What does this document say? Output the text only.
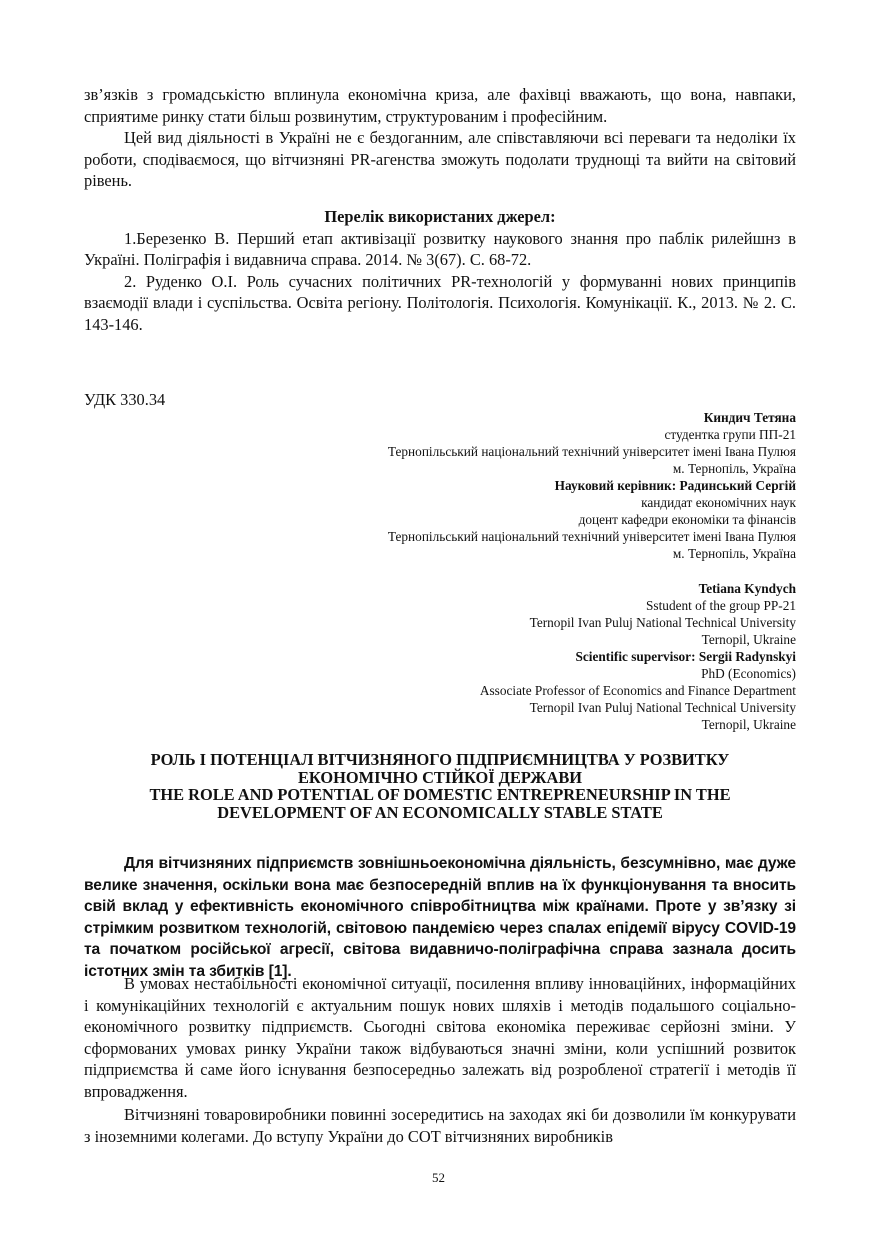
зв’язків з громадськістю вплинула економічна криза, але фахівці вважають, що вона, навпаки, сприятиме ринку стати більш розвинутим, структурованим і професійним.

Цей вид діяльності в Україні не є бездоганним, але співставляючи всі переваги та недоліки їх роботи, сподіваємося, що вітчизняні PR-агенства зможуть подолати труднощі та вийти на світовий рівень.

Перелік використаних джерел:

1.Березенко В. Перший етап активізації розвитку наукового знання про паблік рилейшнз в Україні. Поліграфія і видавнича справа. 2014. № 3(67). С. 68-72.

2. Руденко О.І. Роль сучасних політичних PR-технологій у формуванні нових принципів взаємодії влади і суспільства. Освіта регіону. Політологія. Психологія. Комунікації. К., 2013. № 2. С. 143-146.

УДК 330.34
Киндич Тетяна
студентка групи ПП-21
Тернопільський національний технічний університет імені Івана Пулюя
м. Тернопіль, Україна
Науковий керівник: Радинський Сергій
кандидат економічних наук
доцент кафедри економіки та фінансів
Тернопільський національний технічний університет імені Івана Пулюя
м. Тернопіль, Україна
Tetiana Kyndych
Sstudent of the group PP-21
Ternopil Ivan Puluj National Technical University
Ternopil, Ukraine
Scientific supervisor: Sergii Radynskyi
PhD (Economics)
Associate Professor of Economics and Finance Department
Ternopil Ivan Puluj National Technical University
Ternopil, Ukraine
РОЛЬ І ПОТЕНЦІАЛ ВІТЧИЗНЯНОГО ПІДПРИЄМНИЦТВА У РОЗВИТКУ
ЕКОНОМІЧНО СТІЙКОЇ ДЕРЖАВИ
THE ROLE AND POTENTIAL OF DOMESTIC ENTREPRENEURSHIP IN THE
DEVELOPMENT OF AN ECONOMICALLY STABLE STATE

Для вітчизняних підприємств зовнішньоекономічна діяльність, безсумнівно, має дуже велике значення, оскільки вона має безпосередній вплив на їх функціонування та вносить свій вклад у ефективність економічного співробітництва між країнами. Проте у зв’язку зі стрімким розвитком технологій, світовою пандемією через спалах епідемії вірусу COVID-19 та початком російської агресії, світова видавничо-поліграфічна справа зазнала досить істотних змін та збитків [1].

В умовах нестабільності економічної ситуації, посилення впливу інноваційних, інформаційних і комунікаційних технологій є актуальним пошук нових шляхів і методів подальшого соціально-економічного розвитку підприємств. Сьогодні світова економіка переживає серйозні зміни. У сформованих умовах ринку України також відбуваються значні зміни, коли успішний розвиток підприємства й саме його існування безпосередньо залежать від розробленої стратегії і методів її впровадження.

Вітчизняні товаровиробники повинні зосередитись на заходах які би дозволили їм конкурувати з іноземними колегами. До вступу України до СОТ вітчизняних виробників

52
